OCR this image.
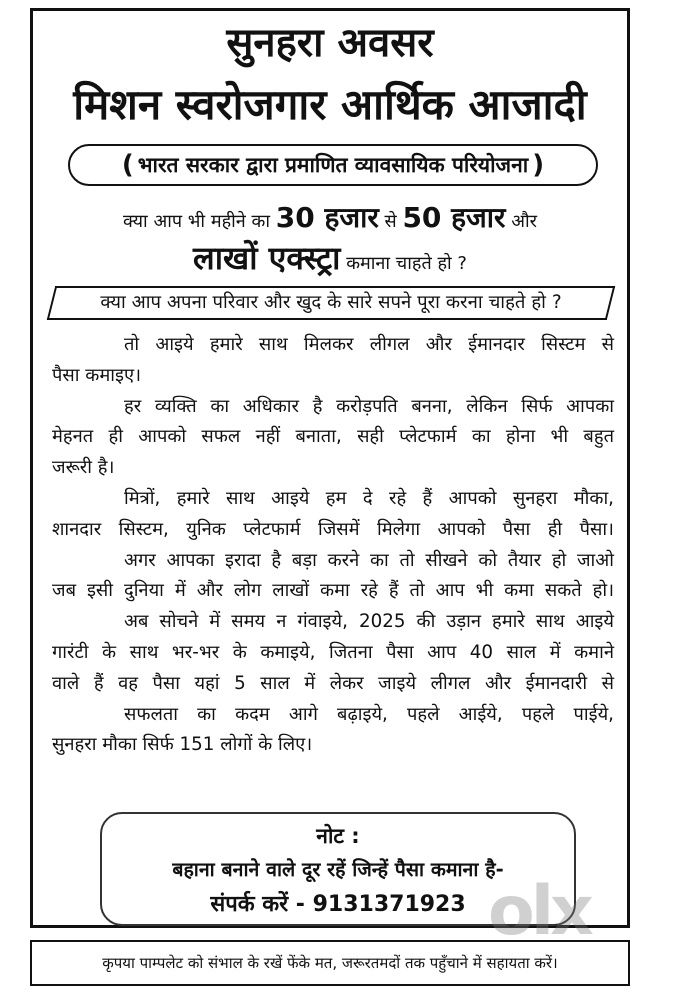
सुनहरा अवसर
मिशन स्वरोजगार आर्थिक आजादी
( भारत सरकार द्वारा प्रमाणित व्यावसायिक परियोजना )
क्या आप भी महीने का 30 हजार से 50 हजार और
लाखों एक्स्ट्रा कमाना चाहते हो ?
क्या आप अपना परिवार और खुद के सारे सपने पूरा करना चाहते हो ?
तो आइये हमारे साथ मिलकर लीगल और ईमानदार सिस्टम से
पैसा कमाइए।
हर व्यक्ति का अधिकार है करोड़पति बनना, लेकिन सिर्फ आपका
मेहनत ही आपको सफल नहीं बनाता, सही प्लेटफार्म का होना भी बहुत
जरूरी है।
मित्रों, हमारे साथ आइये हम दे रहे हैं आपको सुनहरा मौका,
शानदार सिस्टम, युनिक प्लेटफार्म जिसमें मिलेगा आपको पैसा ही पैसा।
अगर आपका इरादा है बड़ा करने का तो सीखने को तैयार हो जाओ
जब इसी दुनिया में और लोग लाखों कमा रहे हैं तो आप भी कमा सकते हो।
अब सोचने में समय न गंवाइये, 2025 की उड़ान हमारे साथ आइये
गारंटी के साथ भर-भर के कमाइये, जितना पैसा आप 40 साल में कमाने
वाले हैं वह पैसा यहां 5 साल में लेकर जाइये लीगल और ईमानदारी से
सफलता का कदम आगे बढ़ाइये, पहले आईये, पहले पाईये,
सुनहरा मौका सिर्फ 151 लोगों के लिए।
नोट :
बहाना बनाने वाले दूर रहें जिन्हें पैसा कमाना है-
संपर्क करें - 9131371923 olx
कृपया पाम्पलेट को संभाल के रखें फेंके मत, जरूरतमदों तक पहुँचाने में सहायता करें।
